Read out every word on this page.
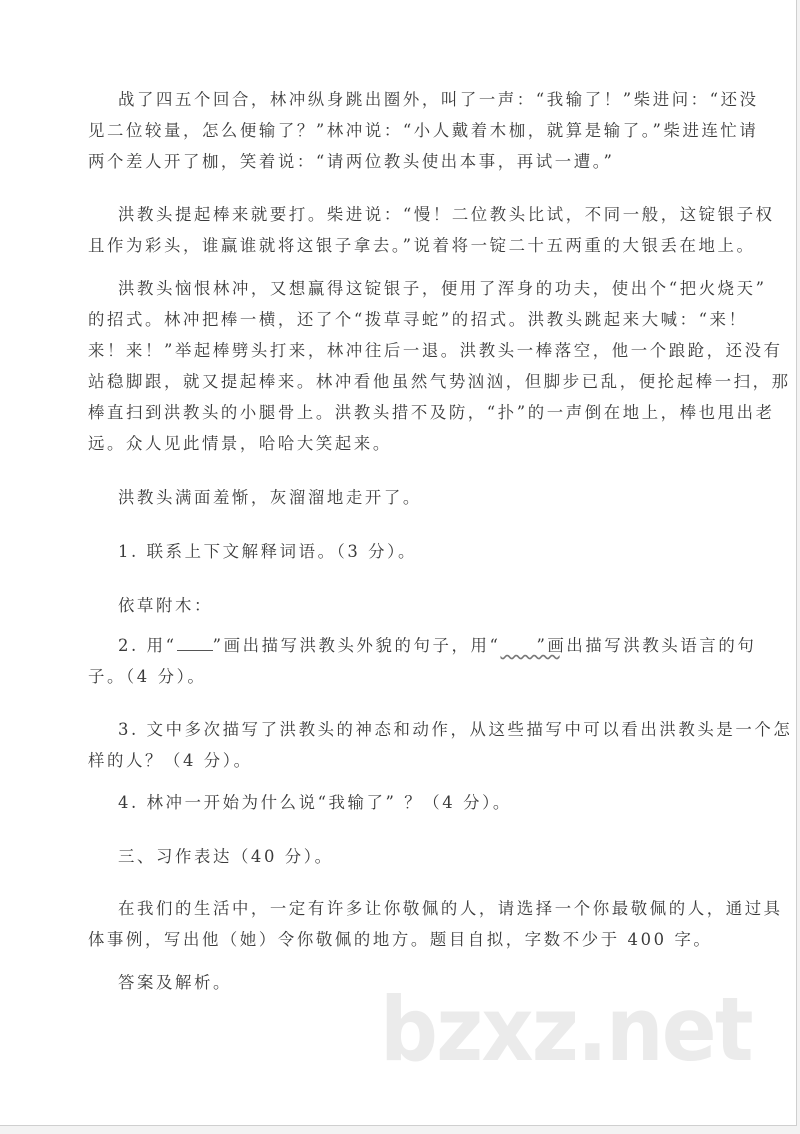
战了四五个回合，林冲纵身跳出圈外，叫了一声：“我输了！”柴进问：“还没
见二位较量，怎么便输了？”林冲说：“小人戴着木枷，就算是输了。”柴进连忙请
两个差人开了枷，笑着说：“请两位教头使出本事，再试一遭。”
洪教头提起棒来就要打。柴进说：“慢！二位教头比试，不同一般，这锭银子权
且作为彩头，谁赢谁就将这银子拿去。”说着将一锭二十五两重的大银丢在地上。
洪教头恼恨林冲，又想赢得这锭银子，便用了浑身的功夫，使出个“把火烧天”
的招式。林冲把棒一横，还了个“拨草寻蛇”的招式。洪教头跳起来大喊：“来！
来！来！”举起棒劈头打来，林冲往后一退。洪教头一棒落空，他一个踉跄，还没有
站稳脚跟，就又提起棒来。林冲看他虽然气势汹汹，但脚步已乱，便抡起棒一扫，那
棒直扫到洪教头的小腿骨上。洪教头措不及防，“扑”的一声倒在地上，棒也甩出老
远。众人见此情景，哈哈大笑起来。
洪教头满面羞惭，灰溜溜地走开了。
1. 联系上下文解释词语。（3 分）。
依草附木：
2. 用“ ”画出描写洪教头外貌的句子，用“ ”画出描写洪教头语言的句
子。（4 分）。
3. 文中多次描写了洪教头的神态和动作，从这些描写中可以看出洪教头是一个怎
样的人？（4 分）。
4. 林冲一开始为什么说“我输了” ？（4 分）。
三、习作表达（40 分）。
在我们的生活中，一定有许多让你敬佩的人，请选择一个你最敬佩的人，通过具
体事例，写出他（她）令你敬佩的地方。题目自拟，字数不少于 400 字。
答案及解析。 bzxz.net
